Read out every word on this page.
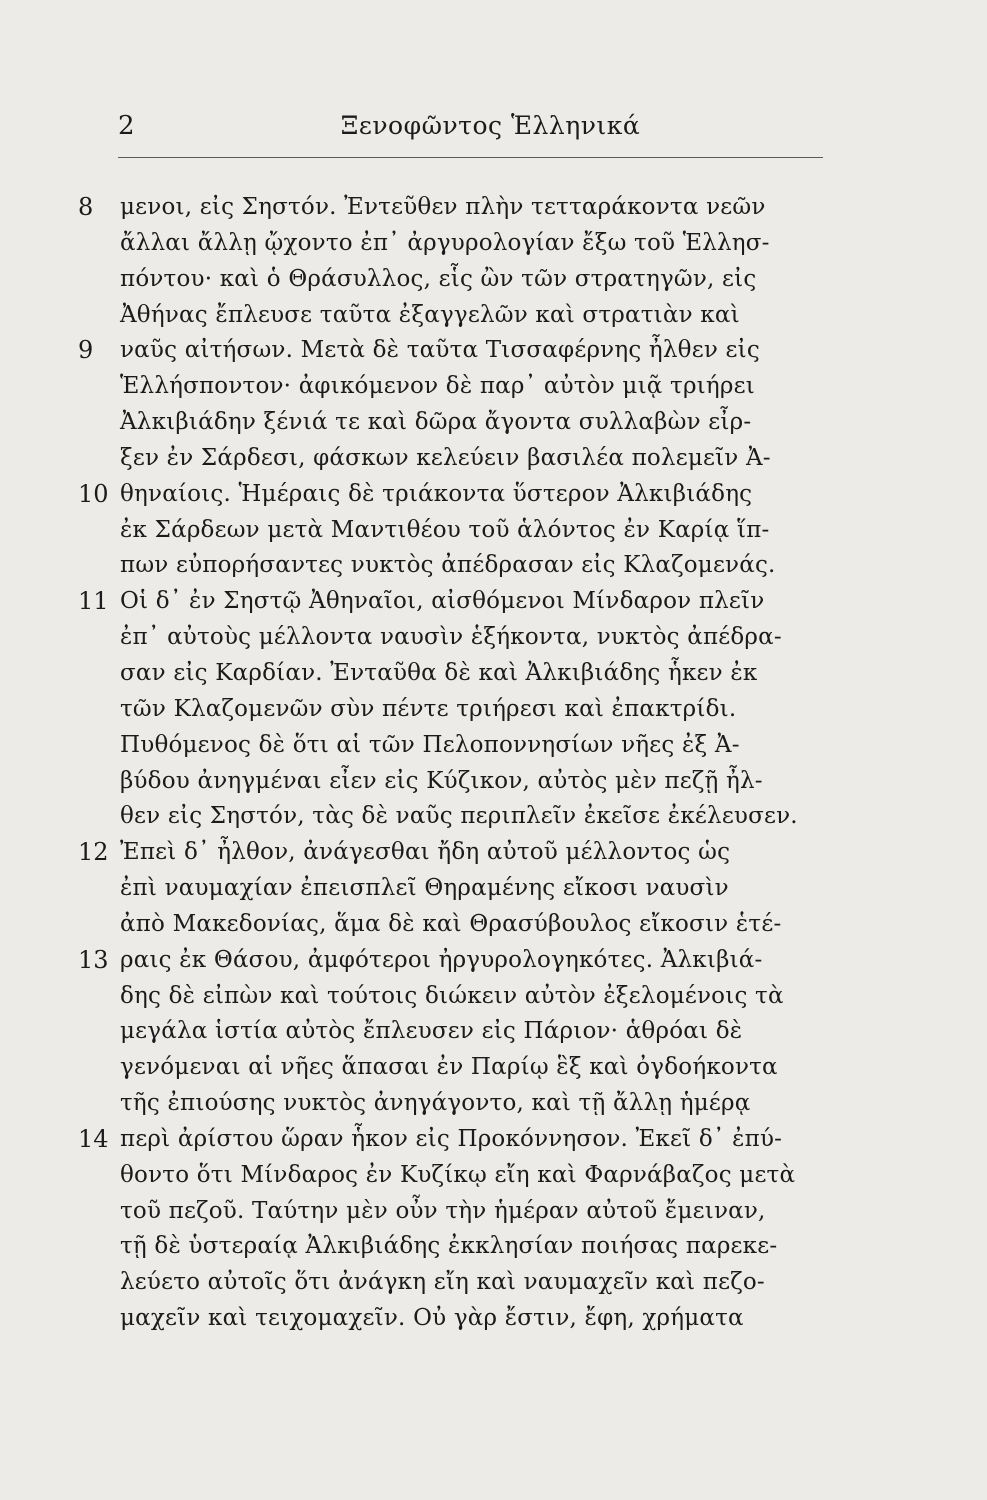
2	Ξενοφῶντος Ἑλληνικά
8	μενοι, εἰς Σηστόν. Ἐντεῦθεν πλὴν τετταράκοντα νεῶν
ἄλλαι ἄλλῃ ᾤχοντο ἐπ᾽ ἀργυρολογίαν ἔξω τοῦ Ἑλλησ-
πόντου· καὶ ὁ Θράσυλλος, εἷς ὢν τῶν στρατηγῶν, εἰς
Ἀθήνας ἔπλευσε ταῦτα ἐξαγγελῶν καὶ στρατιὰν καὶ
9	ναῦς αἰτήσων. Μετὰ δὲ ταῦτα Τισσαφέρνης ἦλθεν εἰς
Ἑλλήσποντον· ἀφικόμενον δὲ παρ᾽ αὐτὸν μιᾷ τριήρει
Ἀλκιβιάδην ξένιά τε καὶ δῶρα ἄγοντα συλλαβὼν εἶρ-
ξεν ἐν Σάρδεσι, φάσκων κελεύειν βασιλέα πολεμεῖν Ἀ-
10 θηναίοις. Ἡμέραις δὲ τριάκοντα ὕστερον Ἀλκιβιάδης
ἐκ Σάρδεων μετὰ Μαντιθέου τοῦ ἁλόντος ἐν Καρίᾳ ἵπ-
πων εὐπορήσαντες νυκτὸς ἀπέδρασαν εἰς Κλαζομενάς.
11 Οἱ δ᾽ ἐν Σηστῷ Ἀθηναῖοι, αἰσθόμενοι Μίνδαρον πλεῖν
ἐπ᾽ αὐτοὺς μέλλοντα ναυσὶν ἑξήκοντα, νυκτὸς ἀπέδρα-
σαν εἰς Καρδίαν. Ἐνταῦθα δὲ καὶ Ἀλκιβιάδης ἧκεν ἐκ
τῶν Κλαζομενῶν σὺν πέντε τριήρεσι καὶ ἐπακτρίδι.
Πυθόμενος δὲ ὅτι αἱ τῶν Πελοποννησίων νῆες ἐξ Ἀ-
βύδου ἀνηγμέναι εἶεν εἰς Κύζικον, αὐτὸς μὲν πεζῇ ἦλ-
θεν εἰς Σηστόν, τὰς δὲ ναῦς περιπλεῖν ἐκεῖσε ἐκέλευσεν.
12 Ἐπεὶ δ᾽ ἦλθον, ἀνάγεσθαι ἤδη αὐτοῦ μέλλοντος ὡς
ἐπὶ ναυμαχίαν ἐπεισπλεῖ Θηραμένης εἴκοσι ναυσὶν
ἀπὸ Μακεδονίας, ἅμα δὲ καὶ Θρασύβουλος εἴκοσιν ἑτέ-
13 ραις ἐκ Θάσου, ἀμφότεροι ἠργυρολογηκότες. Ἀλκιβιά-
δης δὲ εἰπὼν καὶ τούτοις διώκειν αὐτὸν ἐξελομένοις τὰ
μεγάλα ἱστία αὐτὸς ἔπλευσεν εἰς Πάριον· ἁθρόαι δὲ
γενόμεναι αἱ νῆες ἅπασαι ἐν Παρίῳ ἓξ καὶ ὀγδοήκοντα
τῆς ἐπιούσης νυκτὸς ἀνηγάγοντο, καὶ τῇ ἄλλῃ ἡμέρᾳ
14 περὶ ἀρίστου ὥραν ἧκον εἰς Προκόννησον. Ἐκεῖ δ᾽ ἐπύ-
θοντο ὅτι Μίνδαρος ἐν Κυζίκῳ εἴη καὶ Φαρνάβαζος μετὰ
τοῦ πεζοῦ. Ταύτην μὲν οὖν τὴν ἡμέραν αὐτοῦ ἔμειναν,
τῇ δὲ ὑστεραίᾳ Ἀλκιβιάδης ἐκκλησίαν ποιήσας παρεκε-
λεύετο αὐτοῖς ὅτι ἀνάγκη εἴη καὶ ναυμαχεῖν καὶ πεζο-
μαχεῖν καὶ τειχομαχεῖν. Οὐ γὰρ ἔστιν, ἔφη, χρήματα
